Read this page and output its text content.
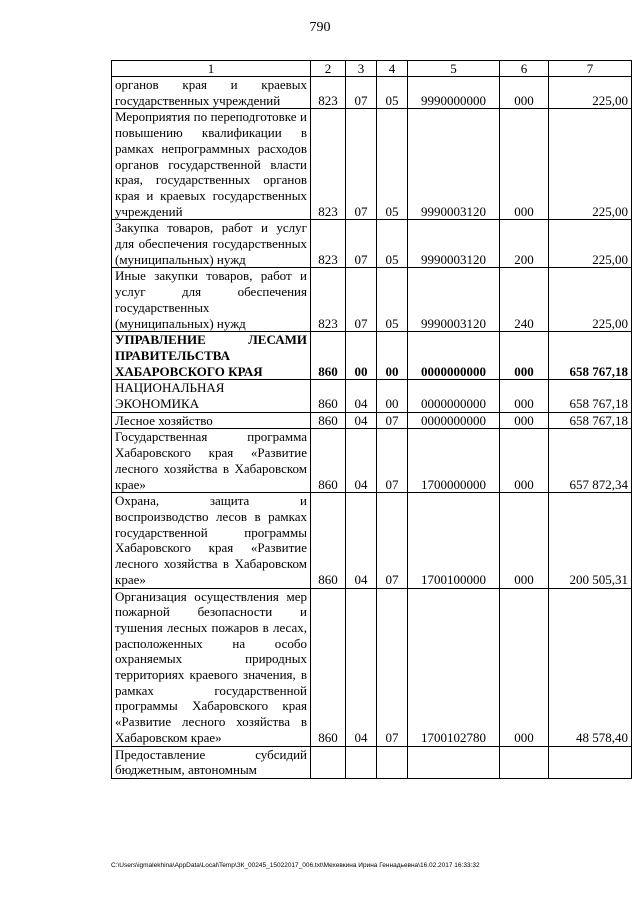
790
1	2	3	4	5	6	7
органов края и краевых государственных учреждений	823	07	05	9990000000	000	225,00
Мероприятия по переподготовке и повышению квалификации в рамках непрограммных расходов органов государственной власти края, государственных органов края и краевых государственных учреждений	823	07	05	9990003120	000	225,00
Закупка товаров, работ и услуг для обеспечения государственных (муниципальных) нужд	823	07	05	9990003120	200	225,00
Иные закупки товаров, работ и услуг для обеспечения государственных (муниципальных) нужд	823	07	05	9990003120	240	225,00
УПРАВЛЕНИЕ ЛЕСАМИ ПРАВИТЕЛЬСТВА ХАБАРОВСКОГО КРАЯ	860	00	00	0000000000	000	658 767,18
НАЦИОНАЛЬНАЯ ЭКОНОМИКА	860	04	00	0000000000	000	658 767,18
Лесное хозяйство	860	04	07	0000000000	000	658 767,18
Государственная программа Хабаровского края «Развитие лесного хозяйства в Хабаровском крае»	860	04	07	1700000000	000	657 872,34
Охрана, защита и воспроизводство лесов в рамках государственной программы Хабаровского края «Развитие лесного хозяйства в Хабаровском крае»	860	04	07	1700100000	000	200 505,31
Организация осуществления мер пожарной безопасности и тушения лесных пожаров в лесах, расположенных на особо охраняемых природных территориях краевого значения, в рамках государственной программы Хабаровского края «Развитие лесного хозяйства в Хабаровском крае»	860	04	07	1700102780	000	48 578,40
Предоставление субсидий бюджетным, автономным						
C:\Users\igmalekhina\AppData\Local\Temp\ЗК_00245_15022017_006.txt\Мехевкина Ирина Геннадьевна\16.02.2017 16:33:32
